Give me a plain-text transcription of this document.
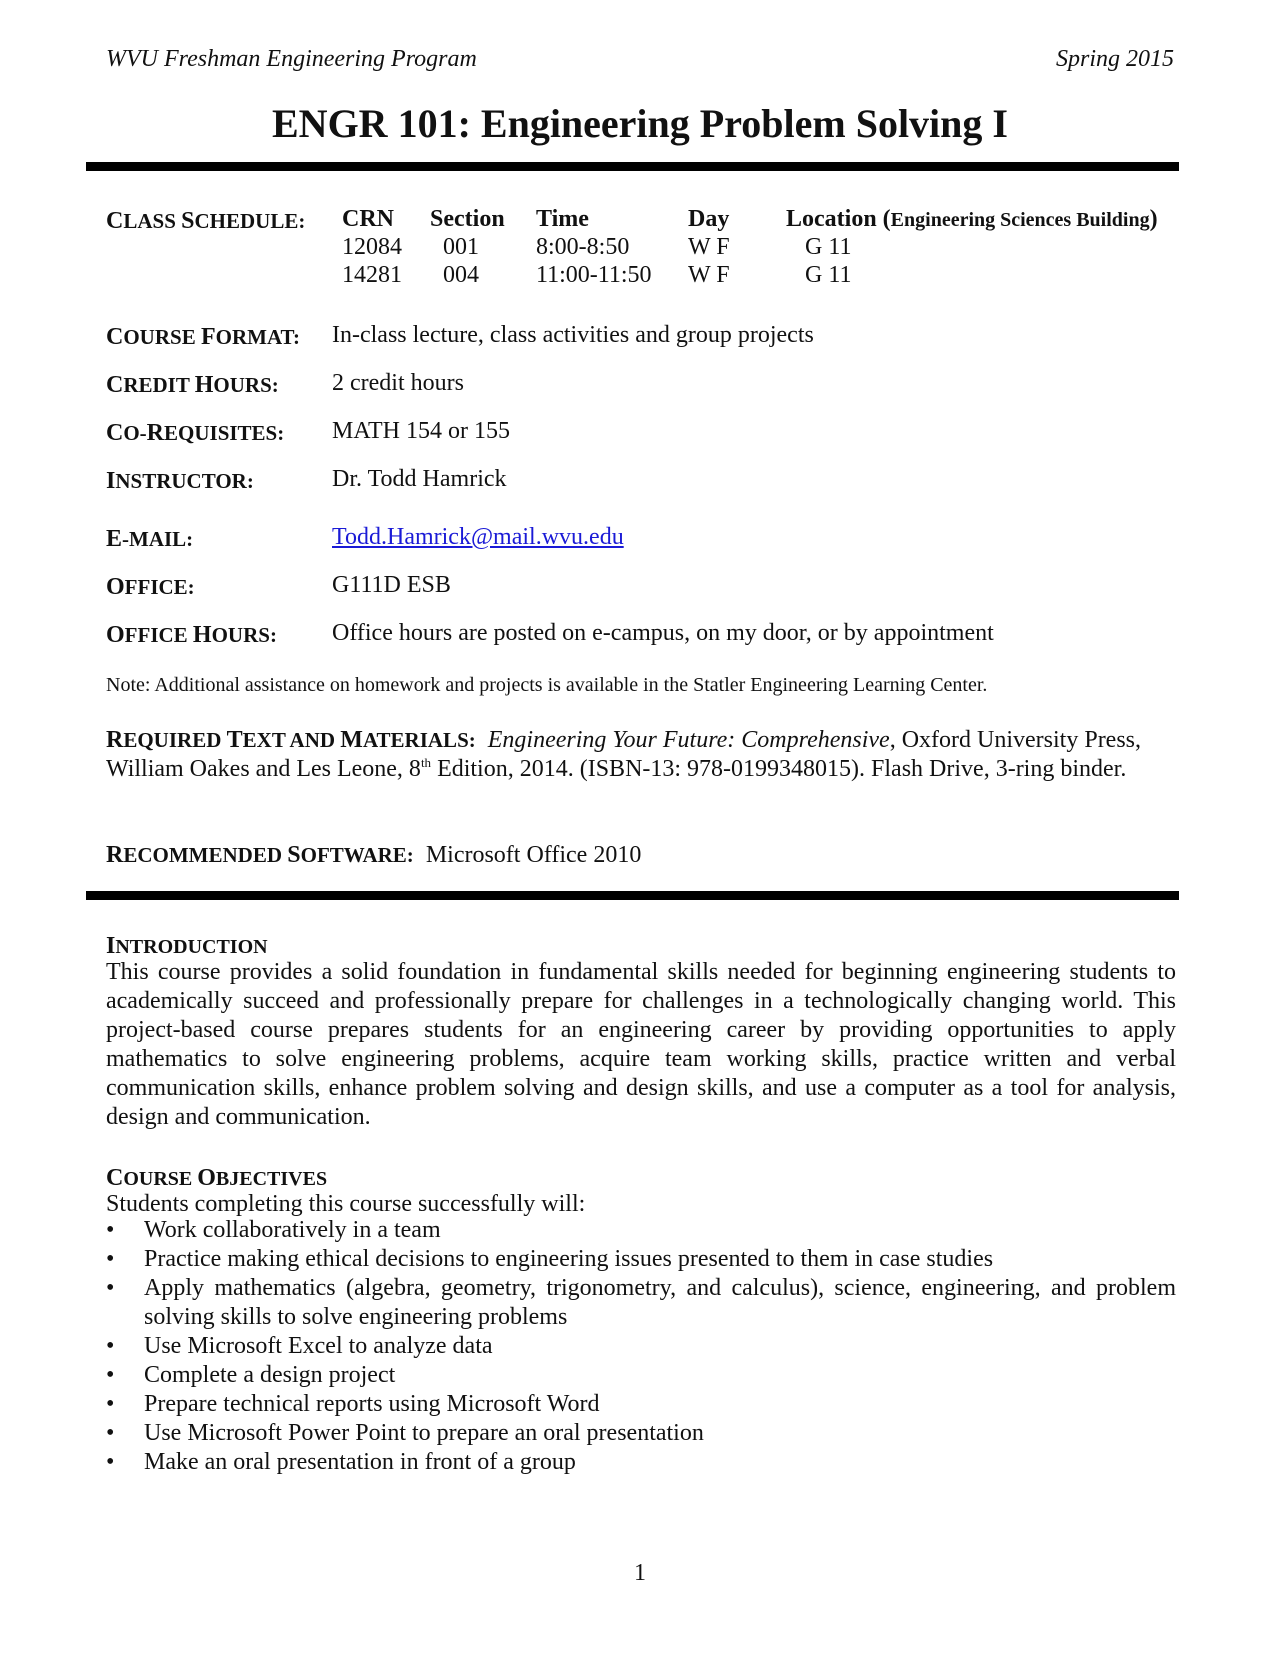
WVU Freshman Engineering Program	Spring 2015
ENGR 101: Engineering Problem Solving I
CLASS SCHEDULE: CRN Section Time	Day Location (Engineering Sciences Building)
12084 001 8:00-8:50 W F	G 11
14281 004 11:00-11:50 W F	G 11
COURSE FORMAT: In-class lecture, class activities and group projects
CREDIT HOURS: 2 credit hours
CO-REQUISITES: MATH 154 or 155
INSTRUCTOR:	Dr. Todd Hamrick
E-MAIL:	Todd.Hamrick@mail.wvu.edu
OFFICE:	G111D ESB
OFFICE HOURS: Office hours are posted on e-campus, on my door, or by appointment
Note: Additional assistance on homework and projects is available in the Statler Engineering Learning Center.
REQUIRED TEXT AND MATERIALS: Engineering Your Future: Comprehensive, Oxford University Press, William Oakes and Les Leone, 8th Edition, 2014. (ISBN-13: 978-0199348015). Flash Drive, 3-ring binder.
RECOMMENDED SOFTWARE: Microsoft Office 2010
INTRODUCTION
This course provides a solid foundation in fundamental skills needed for beginning engineering students to academically succeed and professionally prepare for challenges in a technologically changing world. This project-based course prepares students for an engineering career by providing opportunities to apply mathematics to solve engineering problems, acquire team working skills, practice written and verbal communication skills, enhance problem solving and design skills, and use a computer as a tool for analysis, design and communication.
COURSE OBJECTIVES
Students completing this course successfully will:
• Work collaboratively in a team
• Practice making ethical decisions to engineering issues presented to them in case studies
• Apply mathematics (algebra, geometry, trigonometry, and calculus), science, engineering, and problem solving skills to solve engineering problems
• Use Microsoft Excel to analyze data
• Complete a design project
• Prepare technical reports using Microsoft Word
• Use Microsoft Power Point to prepare an oral presentation
• Make an oral presentation in front of a group
1
